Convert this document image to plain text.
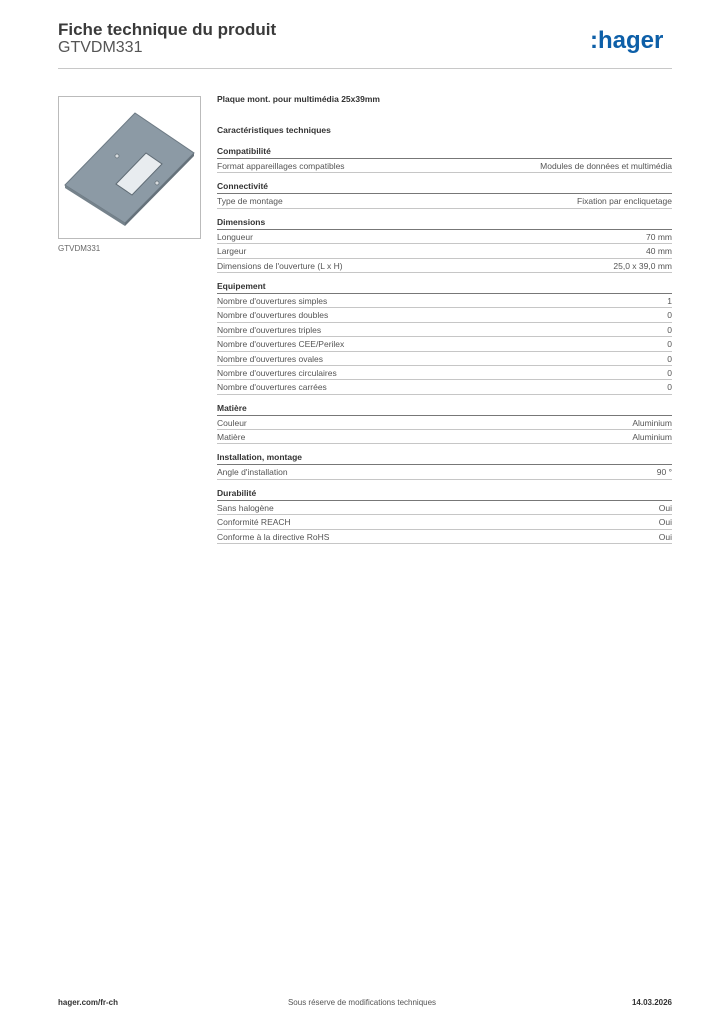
Fiche technique du produit
GTVDM331	:hager
GTVDM331
Plaque mont. pour multimédia 25x39mm
Caractéristiques techniques
Compatibilité
Format appareillages compatibles	Modules de données et multimédia
Connectivité
Type de montage	Fixation par encliquetage
Dimensions
Longueur	70 mm
Largeur	40 mm
Dimensions de l'ouverture (L x H)	25,0 x 39,0 mm
Equipement
Nombre d'ouvertures simples	1
Nombre d'ouvertures doubles	0
Nombre d'ouvertures triples	0
Nombre d'ouvertures CEE/Perilex	0
Nombre d'ouvertures ovales	0
Nombre d'ouvertures circulaires	0
Nombre d'ouvertures carrées	0
Matière
Couleur	Aluminium
Matière	Aluminium
Installation, montage
Angle d'installation	90 °
Durabilité
Sans halogène	Oui
Conformité REACH	Oui
Conforme à la directive RoHS	Oui
hager.com/fr-ch	Sous réserve de modifications techniques	14.03.2026
